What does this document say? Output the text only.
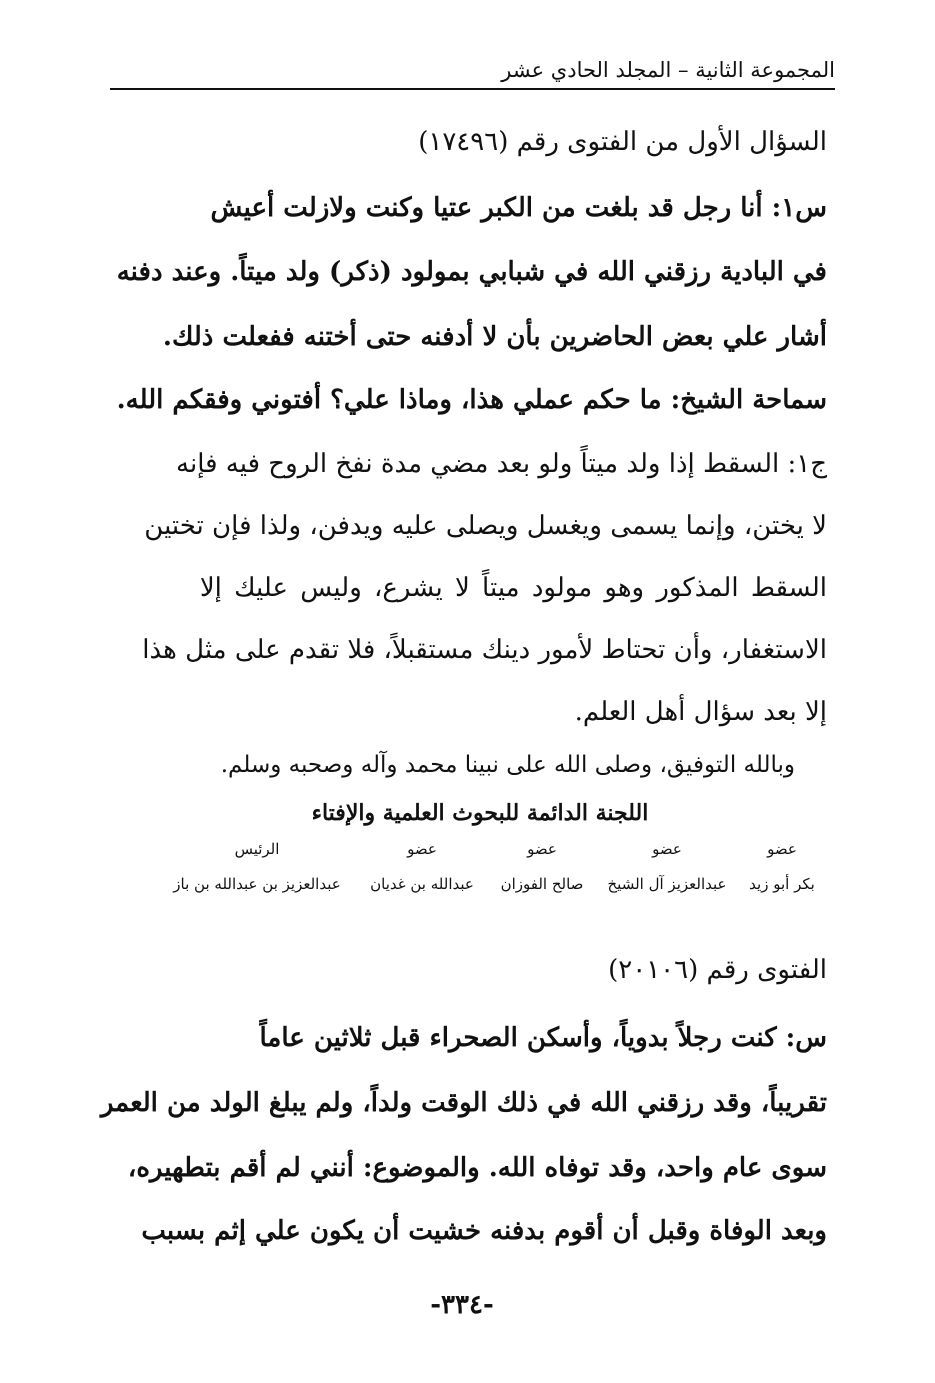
المجموعة الثانية – المجلد الحادي عشر
السؤال الأول من الفتوى رقم (١٧٤٩٦)
س١: أنا رجل قد بلغت من الكبر عتيا وكنت ولازلت أعيش
في البادية رزقني الله في شبابي بمولود (ذكر) ولد ميتاً. وعند دفنه
أشار علي بعض الحاضرين بأن لا أدفنه حتى أختنه ففعلت ذلك.
سماحة الشيخ: ما حكم عملي هذا، وماذا علي؟ أفتوني وفقكم الله.
ج١: السقط إذا ولد ميتاً ولو بعد مضي مدة نفخ الروح فيه فإنه
لا يختن، وإنما يسمى ويغسل ويصلى عليه ويدفن، ولذا فإن تختين
السقط المذكور وهو مولود ميتاً لا يشرع، وليس عليك إلا
الاستغفار، وأن تحتاط لأمور دينك مستقبلاً، فلا تقدم على مثل هذا
إلا بعد سؤال أهل العلم.
وبالله التوفيق، وصلى الله على نبينا محمد وآله وصحبه وسلم.
اللجنة الدائمة للبحوث العلمية والإفتاء
عضو
عضو
عضو
عضو
الرئيس
بكر أبو زيد
عبدالعزيز آل الشيخ
صالح الفوزان
عبدالله بن غديان
عبدالعزيز بن عبدالله بن باز
الفتوى رقم (٢٠١٠٦)
س: كنت رجلاً بدوياً، وأسكن الصحراء قبل ثلاثين عاماً
تقريباً، وقد رزقني الله في ذلك الوقت ولداً، ولم يبلغ الولد من العمر
سوى عام واحد، وقد توفاه الله. والموضوع: أنني لم أقم بتطهيره،
وبعد الوفاة وقبل أن أقوم بدفنه خشيت أن يكون علي إثم بسبب
-٣٣٤-
